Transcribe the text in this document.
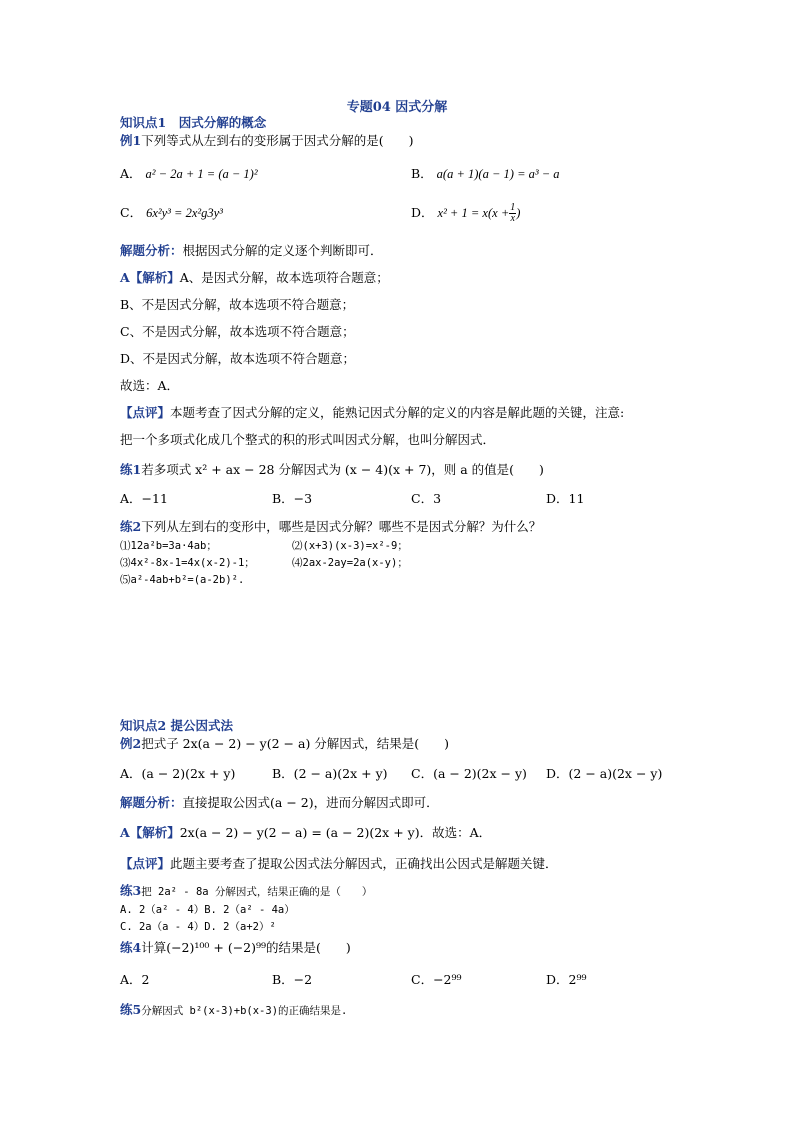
专题04 因式分解
知识点1　因式分解的概念
例1下列等式从左到右的变形属于因式分解的是(　　)
A． a² − 2a + 1 = (a − 1)²	B． a(a + 1)(a − 1) = a³ − a
C． 6x²y³ = 2x²g3y³	D． $x^2 + 1 = x(x + \frac{1}{x}$ )
解题分析：根据因式分解的定义逐个判断即可．
A【解析】A、是因式分解，故本选项符合题意；
B、不是因式分解，故本选项不符合题意；
C、不是因式分解，故本选项不符合题意；
D、不是因式分解，故本选项不符合题意；
故选：A．
【点评】本题考查了因式分解的定义，能熟记因式分解的定义的内容是解此题的关键，注意:
把一个多项式化成几个整式的积的形式叫因式分解，也叫分解因式．
练1若多项式 x² + ax − 28 分解因式为 (x − 4)(x + 7)，则 a 的值是(　　)
A．−11	B．−3	C．3	D．11
练2下列从左到右的变形中，哪些是因式分解？哪些不是因式分解？为什么？
⑴12a²b=3a·4ab；	⑵(x+3)(x-3)=x²-9；
⑶4x²-8x-1=4x(x-2)-1；	⑷2ax-2ay=2a(x-y)；
⑸a²-4ab+b²=(a-2b)².
知识点2 提公因式法
例2把式子 2x(a − 2) − y(2 − a) 分解因式，结果是(　　)
A．(a − 2)(2x + y)	B．(2 − a)(2x + y) C．(a − 2)(2x − y) D．(2 − a)(2x − y)
解题分析：直接提取公因式(a − 2)，进而分解因式即可．
A【解析】2x(a − 2) − y(2 − a) = (a − 2)(2x + y)．故选：A．
【点评】此题主要考查了提取公因式法分解因式，正确找出公因式是解题关键．
练3把 2a² - 8a 分解因式，结果正确的是（　　）
A. 2（a² - 4）B. 2（a² - 4a）
C. 2a（a - 4）D. 2（a+2）²
练4计算(−2)¹⁰⁰ + (−2)⁹⁹的结果是(　　)
A．2	B．−2	C．−2⁹⁹	D．2⁹⁹
练5分解因式 b²(x-3)+b(x-3)的正确结果是.
